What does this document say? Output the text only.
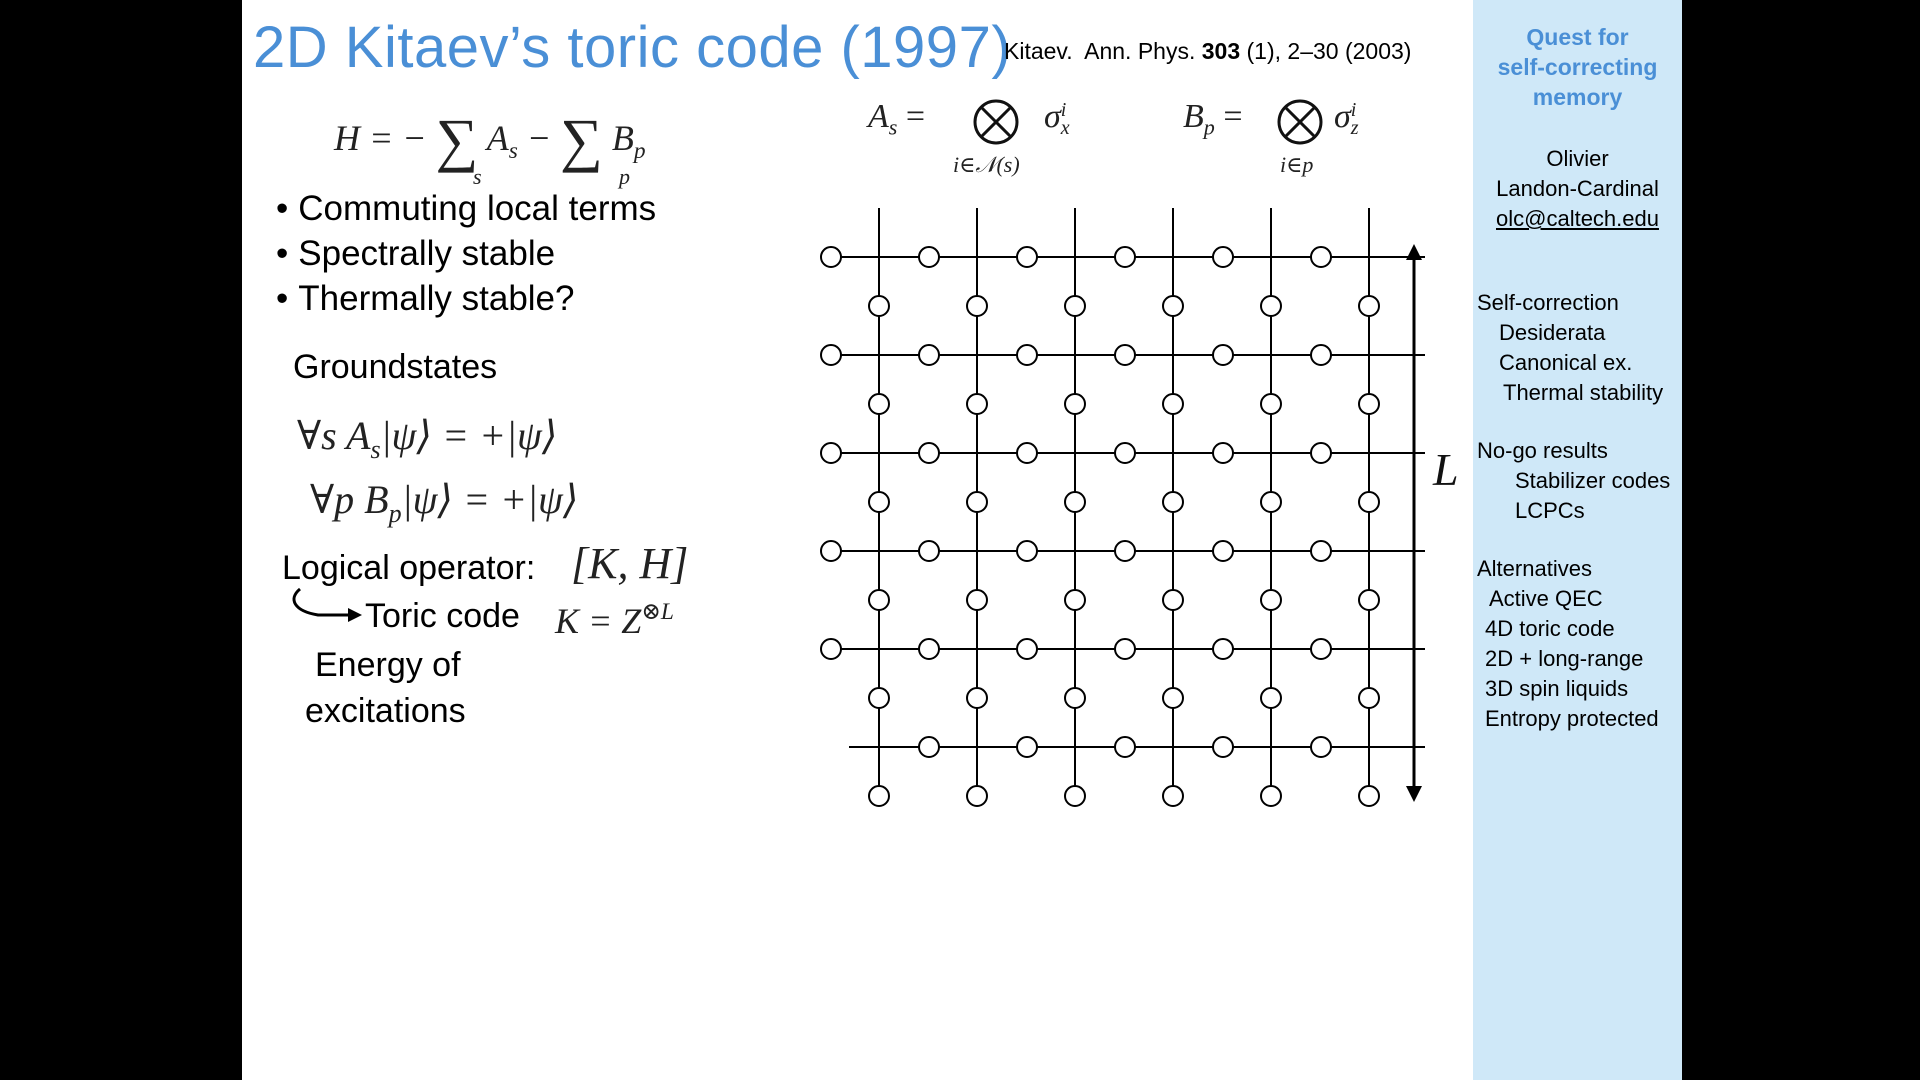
2D Kitaev’s toric code (1997)
Kitaev. Ann. Phys. 303 (1), 2–30 (2003)
H = − ∑ $A_s$ − ∑ $B_p$
s	p
$A_s$ =	σ i
x
i∈𝒩(s)
$B_p$ =	σ i
z
i∈p
• Commuting local terms
• Spectrally stable
• Thermally stable?
Groundstates
∀s $A_s|\psi⟩$ = +|ψ⟩
∀p $B_p|\psi⟩$ = +|ψ⟩
Logical operator: [K, H]
Toric code $K = Z^{\otimes L}$
Energy of
excitations
L
Quest for
self-correcting
memory
Olivier
Landon-Cardinal
olc@caltech.edu
Self-correction
Desiderata
Canonical ex.
Thermal stability
No-go results
Stabilizer codes
LCPCs
Alternatives
Active QEC
4D toric code
2D + long-range
3D spin liquids
Entropy protected
